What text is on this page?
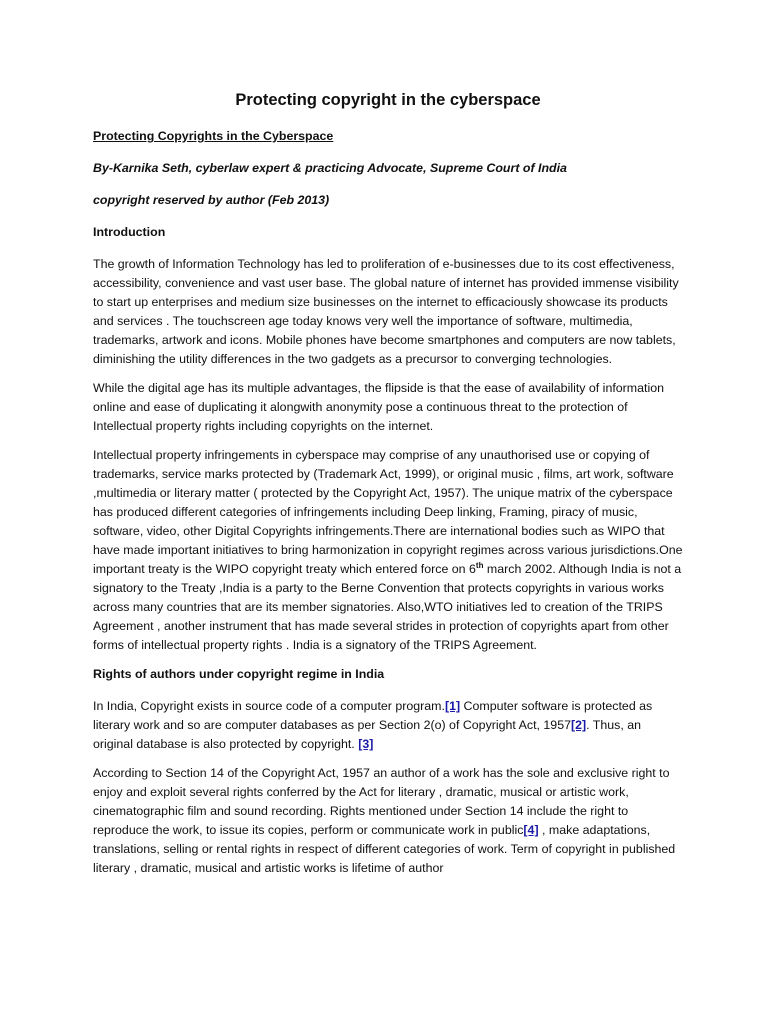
Protecting copyright in the cyberspace

Protecting Copyrights in the Cyberspace

By-Karnika Seth, cyberlaw expert & practicing Advocate, Supreme Court of India

copyright reserved by author (Feb 2013)

Introduction

The growth of Information Technology has led to proliferation of e-businesses due to its cost effectiveness, accessibility, convenience and vast user base. The global nature of internet has provided immense visibility to start up enterprises and medium size businesses on the internet to efficaciously showcase its products and services . The touchscreen age today knows very well the importance of software, multimedia, trademarks, artwork and icons. Mobile phones have become smartphones and computers are now tablets, diminishing the utility differences in the two gadgets as a precursor to converging technologies.

While the digital age has its multiple advantages, the flipside is that the ease of availability of information online and ease of duplicating it alongwith anonymity pose a continuous threat to the protection of Intellectual property rights including copyrights on the internet.

Intellectual property infringements in cyberspace may comprise of any unauthorised use or copying of trademarks, service marks protected by (Trademark Act, 1999), or original music , films, art work, software ,multimedia or literary matter ( protected by the Copyright Act, 1957). The unique matrix of the cyberspace has produced different categories of infringements including Deep linking, Framing, piracy of music, software, video, other Digital Copyrights infringements.There are international bodies such as WIPO that have made important initiatives to bring harmonization in copyright regimes across various jurisdictions.One important treaty is the WIPO copyright treaty which entered force on 6th march 2002. Although India is not a signatory to the Treaty ,India is a party to the Berne Convention that protects copyrights in various works across many countries that are its member signatories. Also,WTO initiatives led to creation of the TRIPS Agreement , another instrument that has made several strides in protection of copyrights apart from other forms of intellectual property rights . India is a signatory of the TRIPS Agreement.

Rights of authors under copyright regime in India

In India, Copyright exists in source code of a computer program.[1] Computer software is protected as literary work and so are computer databases as per Section 2(o) of Copyright Act, 1957[2]. Thus, an original database is also protected by copyright. [3]

According to Section 14 of the Copyright Act, 1957 an author of a work has the sole and exclusive right to enjoy and exploit several rights conferred by the Act for literary , dramatic, musical or artistic work, cinematographic film and sound recording. Rights mentioned under Section 14 include the right to reproduce the work, to issue its copies, perform or communicate work in public[4] , make adaptations, translations, selling or rental rights in respect of different categories of work. Term of copyright in published literary , dramatic, musical and artistic works is lifetime of author
